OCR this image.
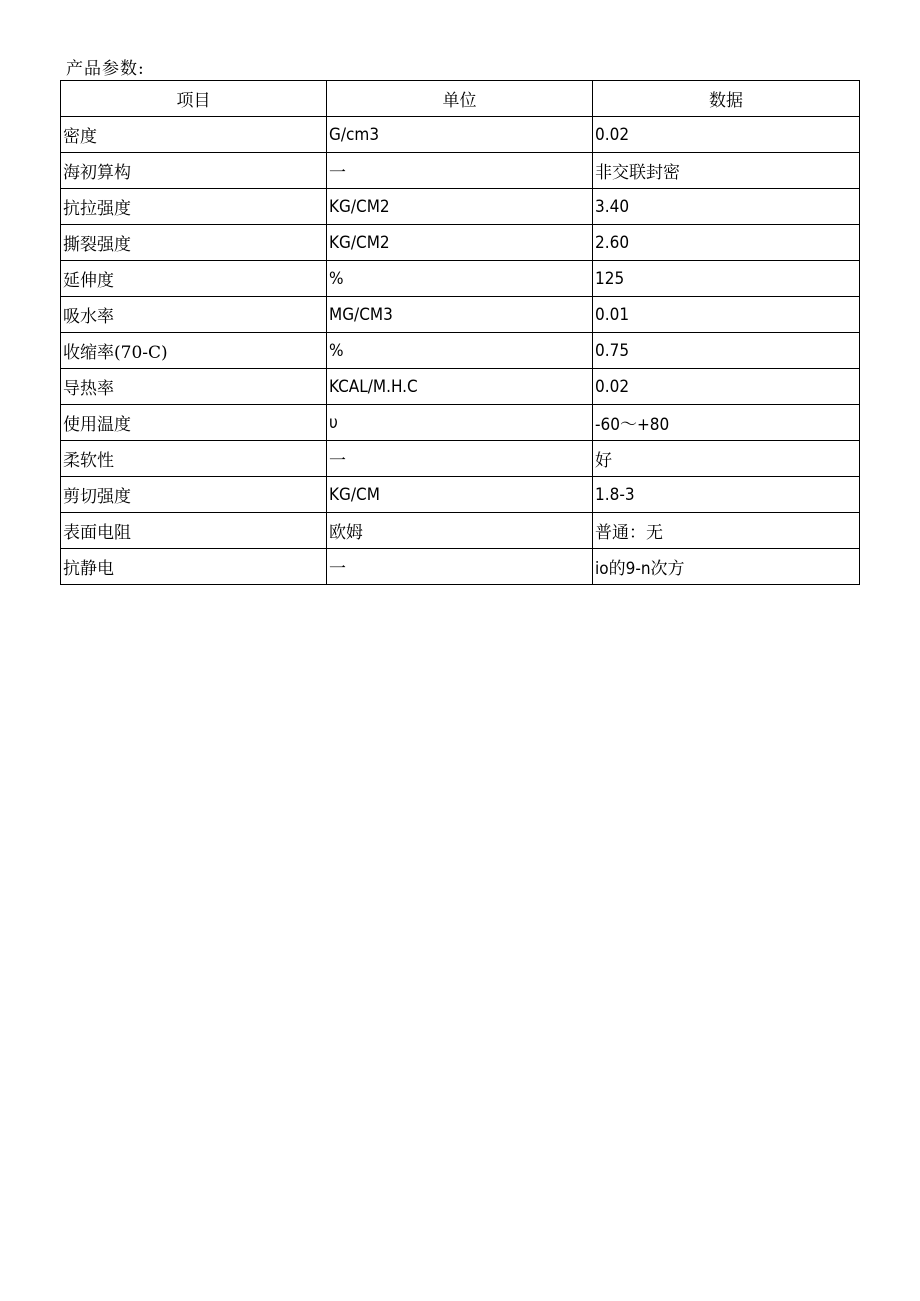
产品参数:
项目	单位	数据
密度	G/cm3	0.02
海初算构	一	非交联封密
抗拉强度	KG/CM2	3.40
撕裂强度	KG/CM2	2.60
延伸度	%	125
吸水率	MG/CM3	0.01
收缩率(70-C)	%	0.75
导热率	KCAL/M.H.C	0.02
使用温度	υ	-60～+80
柔软性	一	好
剪切强度	KG/CM	1.8-3
表面电阻	欧姆	普通：无
抗静电	一	io的9-n次方
